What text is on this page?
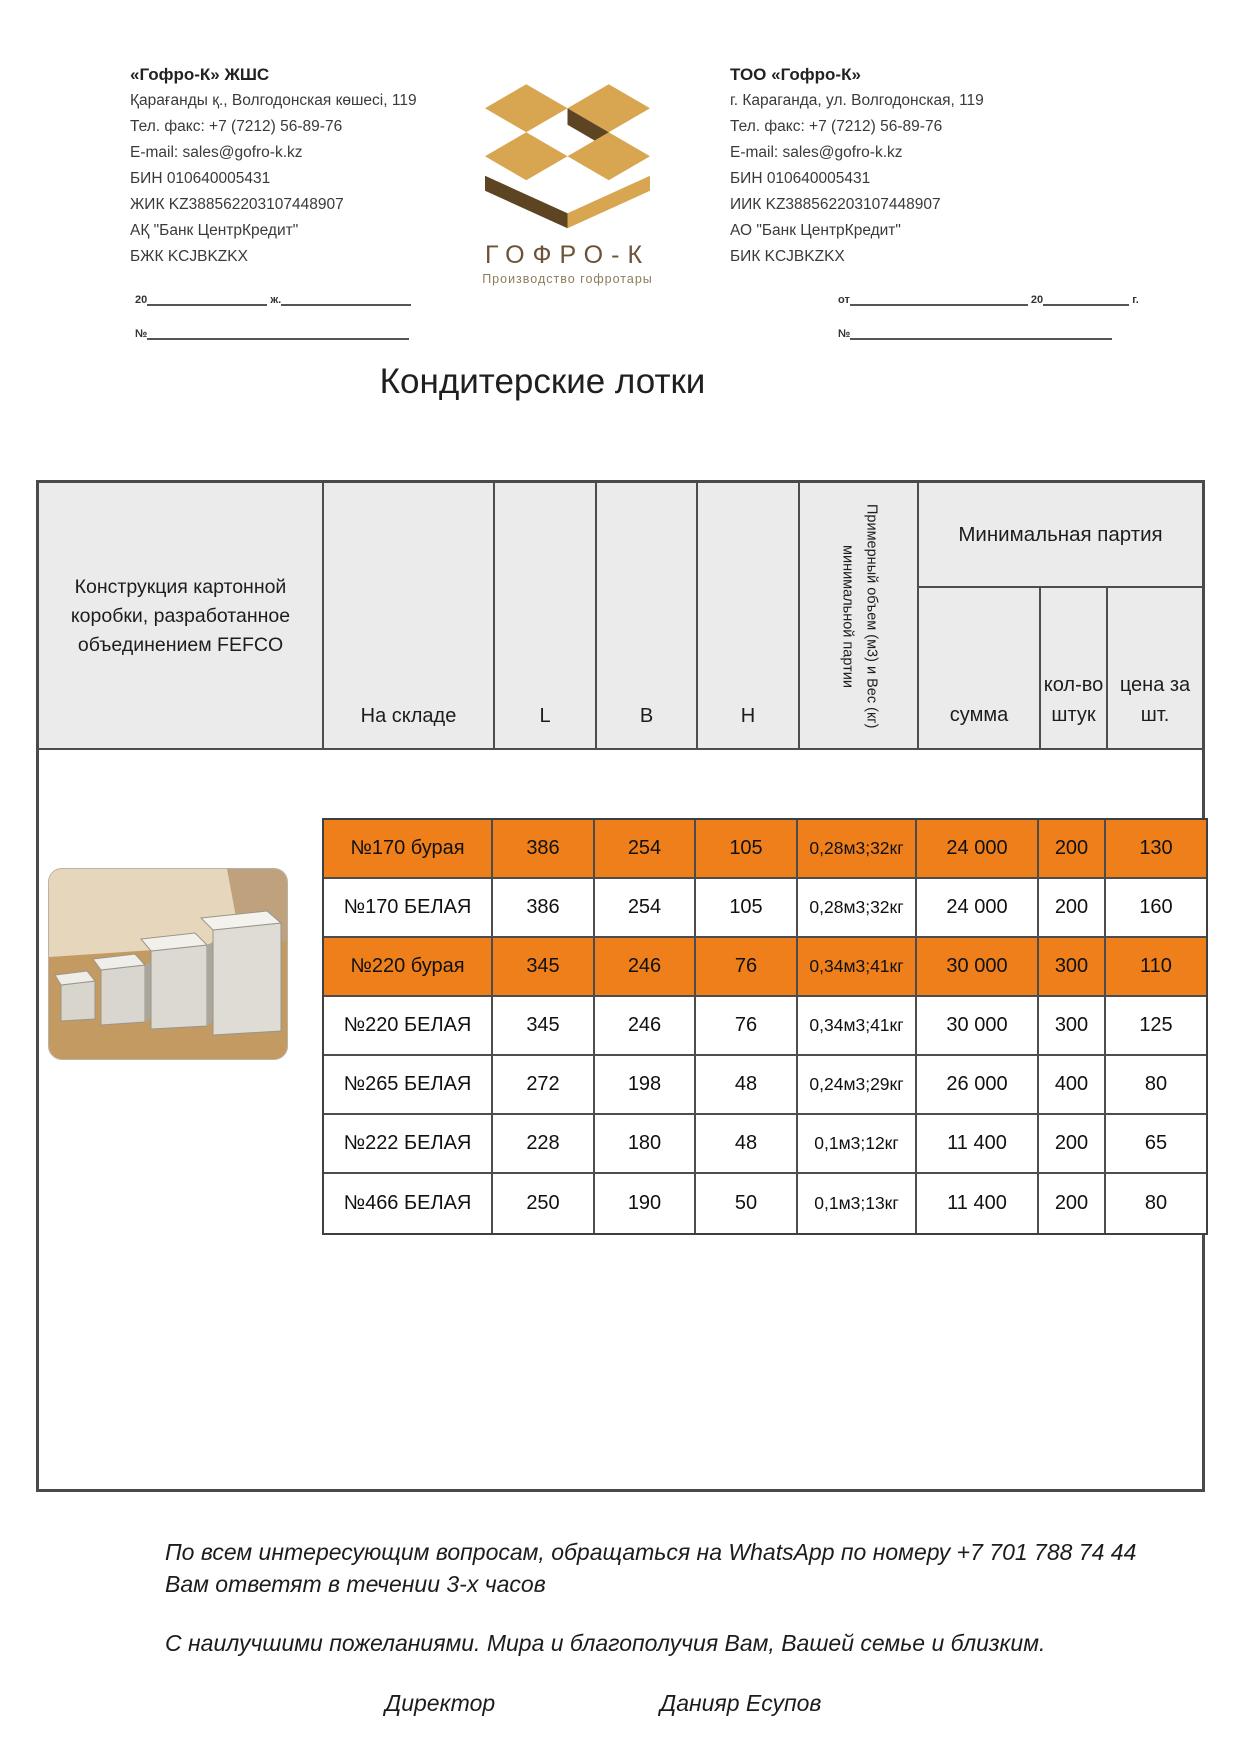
«Гофро-К» ЖШС
Қарағанды қ., Волгодонская көшесі, 119
Тел. факс: +7 (7212) 56-89-76
E-mail: sales@gofro-k.kz
БИН 010640005431
ЖИК KZ388562203107448907
АҚ "Банк ЦентрКредит"
БЖК KCJBKZKX	ГОФРО-К
Производство гофротары
ТОО «Гофро-К»
г. Караганда, ул. Волгодонская, 119
Тел. факс: +7 (7212) 56-89-76
E-mail: sales@gofro-k.kz
БИН 010640005431
ИИК KZ388562203107448907
АО "Банк ЦентрКредит"
БИК KCJBKZKX
20	ж.
№
от	20	г.
№
Кондитерские лотки
Конструкция картонной коробки, разработанное объединением FEFCO
На складе	L	B	H	Примерный объем (м3) и Вес (кг) минимальной партии
Минимальная партия
сумма
кол-во штук
цена за шт.
№170 бурая	386	254	105	0,28м3;32кг	24 000	200	130
№170 БЕЛАЯ	386	254	105	0,28м3;32кг	24 000	200	160
№220 бурая	345	246	76	0,34м3;41кг	30 000	300	110
№220 БЕЛАЯ	345	246	76	0,34м3;41кг	30 000	300	125
№265 БЕЛАЯ	272	198	48	0,24м3;29кг	26 000	400	80
№222 БЕЛАЯ	228	180	48	0,1м3;12кг	11 400	200	65
№466 БЕЛАЯ	250	190	50	0,1м3;13кг	11 400	200	80
По всем интересующим вопросам, обращаться на WhatsApp по номеру +7 701 788 74 44
Вам ответят в течении 3-х часов
С наилучшими пожеланиями. Мира и благополучия Вам, Вашей семье и близким.
Директор	Данияр Есупов
